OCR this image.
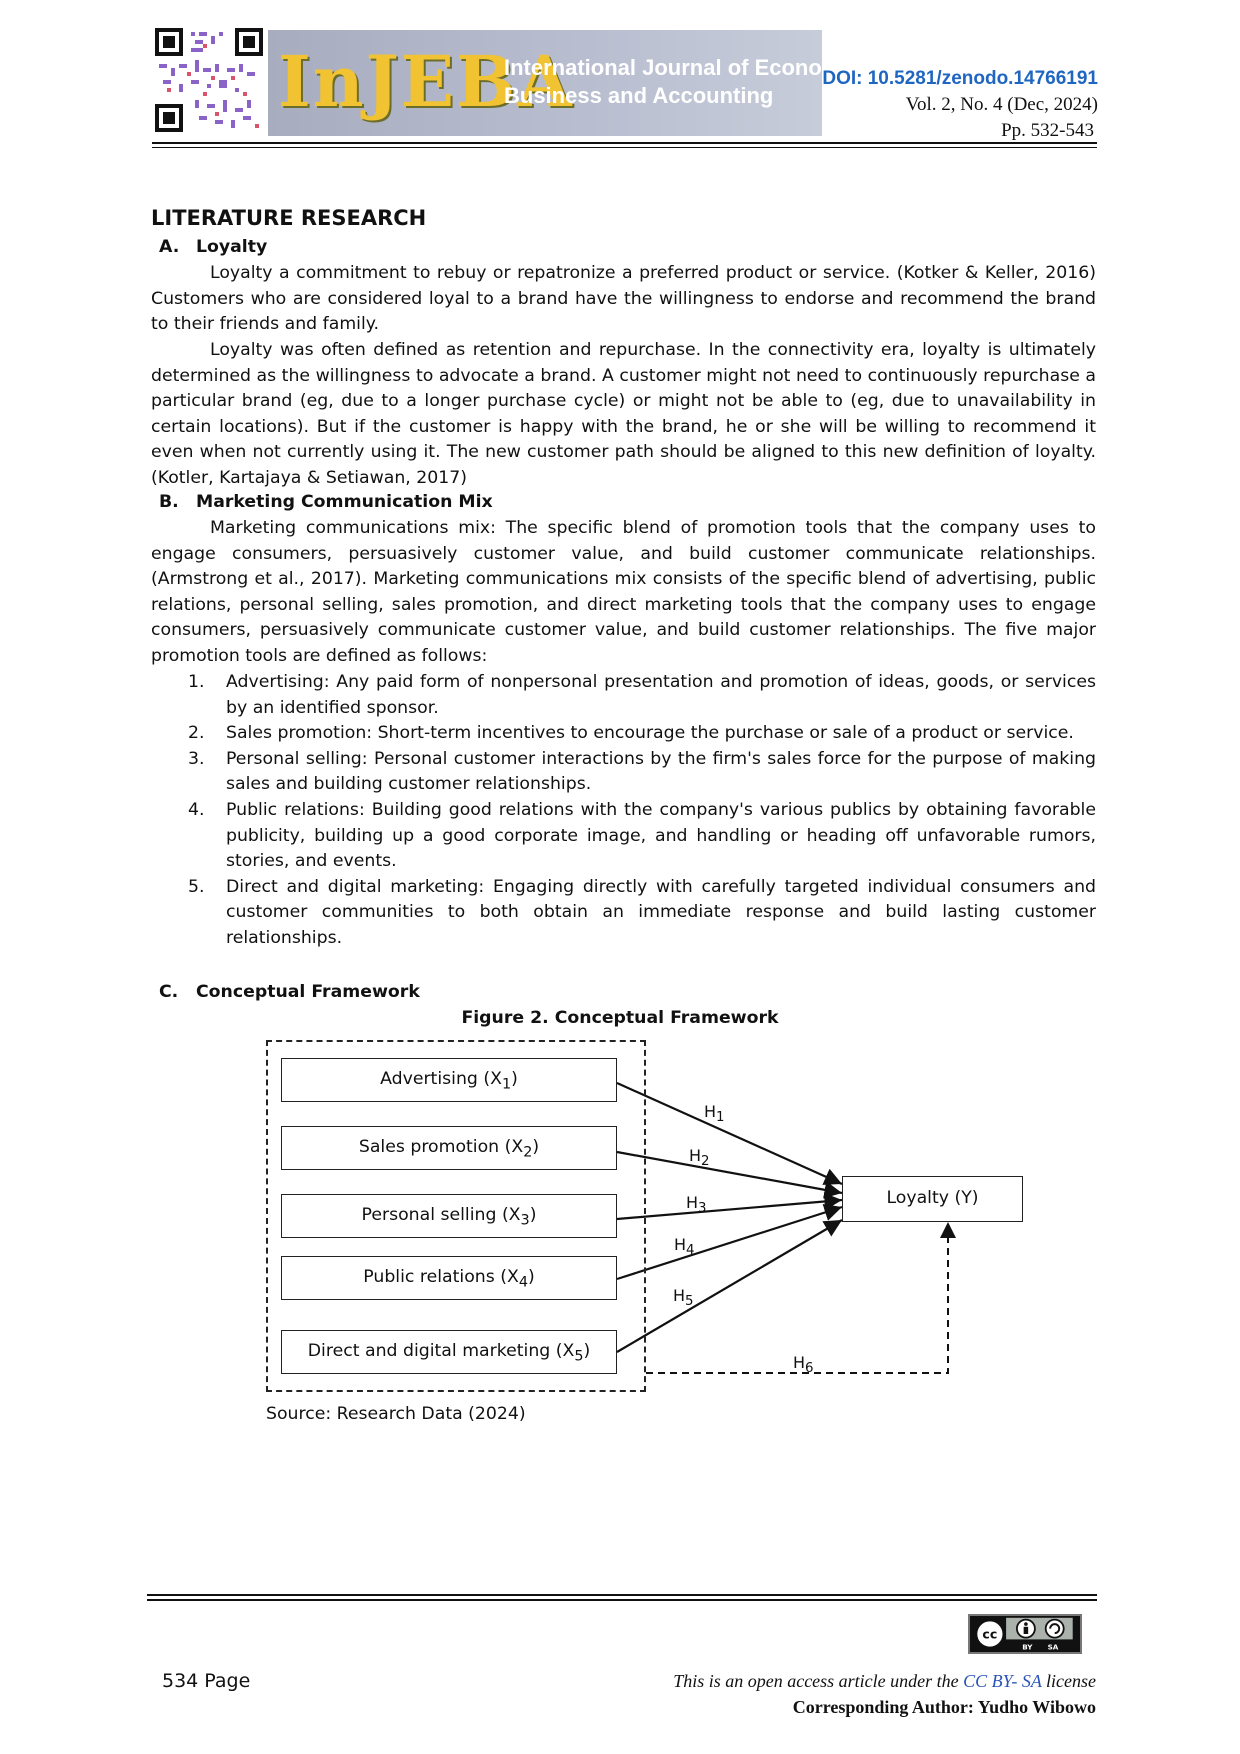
InJEBA
International Journal of Economics,
Business and Accounting
DOI: 10.5281/zenodo.14766191
Vol. 2, No. 4 (Dec, 2024)
Pp. 532-543
LITERATURE RESEARCH
A. Loyalty
Loyalty a commitment to rebuy or repatronize a preferred product or service. (Kotker & Keller, 2016) Customers who are considered loyal to a brand have the willingness to endorse and recommend the brand to their friends and family.
Loyalty was often defined as retention and repurchase. In the connectivity era, loyalty is ultimately determined as the willingness to advocate a brand. A customer might not need to continuously repurchase a particular brand (eg, due to a longer purchase cycle) or might not be able to (eg, due to unavailability in certain locations). But if the customer is happy with the brand, he or she will be willing to recommend it even when not currently using it. The new customer path should be aligned to this new definition of loyalty. (Kotler, Kartajaya & Setiawan, 2017)
B. Marketing Communication Mix
Marketing communications mix: The specific blend of promotion tools that the company uses to engage consumers, persuasively customer value, and build customer communicate relationships. (Armstrong et al., 2017). Marketing communications mix consists of the specific blend of advertising, public relations, personal selling, sales promotion, and direct marketing tools that the company uses to engage consumers, persuasively communicate customer value, and build customer relationships. The five major promotion tools are defined as follows:
1. Advertising: Any paid form of nonpersonal presentation and promotion of ideas, goods, or services by an identified sponsor.
2. Sales promotion: Short-term incentives to encourage the purchase or sale of a product or service.
3. Personal selling: Personal customer interactions by the firm's sales force for the purpose of making sales and building customer relationships.
4. Public relations: Building good relations with the company's various publics by obtaining favorable publicity, building up a good corporate image, and handling or heading off unfavorable rumors, stories, and events.
5. Direct and digital marketing: Engaging directly with carefully targeted individual consumers and customer communities to both obtain an immediate response and build lasting customer relationships.
C. Conceptual Framework
Figure 2. Conceptual Framework
Advertising $(X_1)$
Sales promotion $(X_2)$
Personal selling $(X_3)$
Public relations $(X_4)$
Direct and digital marketing $(X_5)$
Loyalty (Y)
$H_1$
$H_2$
$H_3$
$H_4$
$H_5$
$H_6$
Source: Research Data (2024)
cc
BY SA
534 Page	This is an open access article under the CC BY- SA license
Corresponding Author: Yudho Wibowo
